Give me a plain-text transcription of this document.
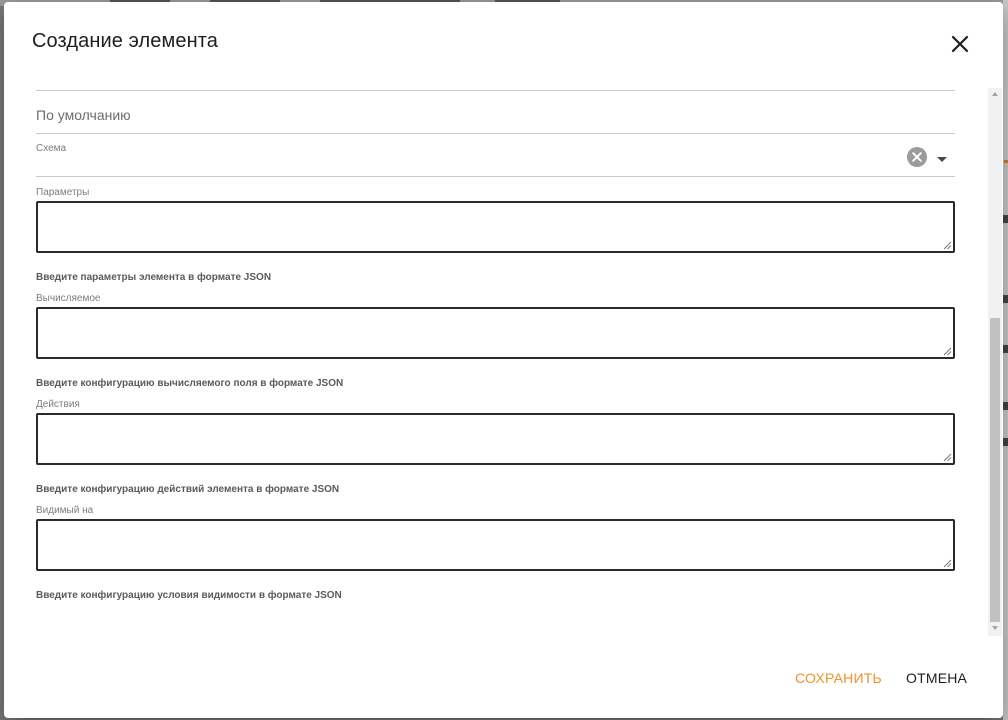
Создание элемента
По умолчанию
Схема
Параметры
Введите параметры элемента в формате JSON
Вычисляемое
Введите конфигурацию вычисляемого поля в формате JSON
Действия
Введите конфигурацию действий элемента в формате JSON
Видимый на
Введите конфигурацию условия видимости в формате JSON
СОХРАНИТЬ ОТМЕНА
